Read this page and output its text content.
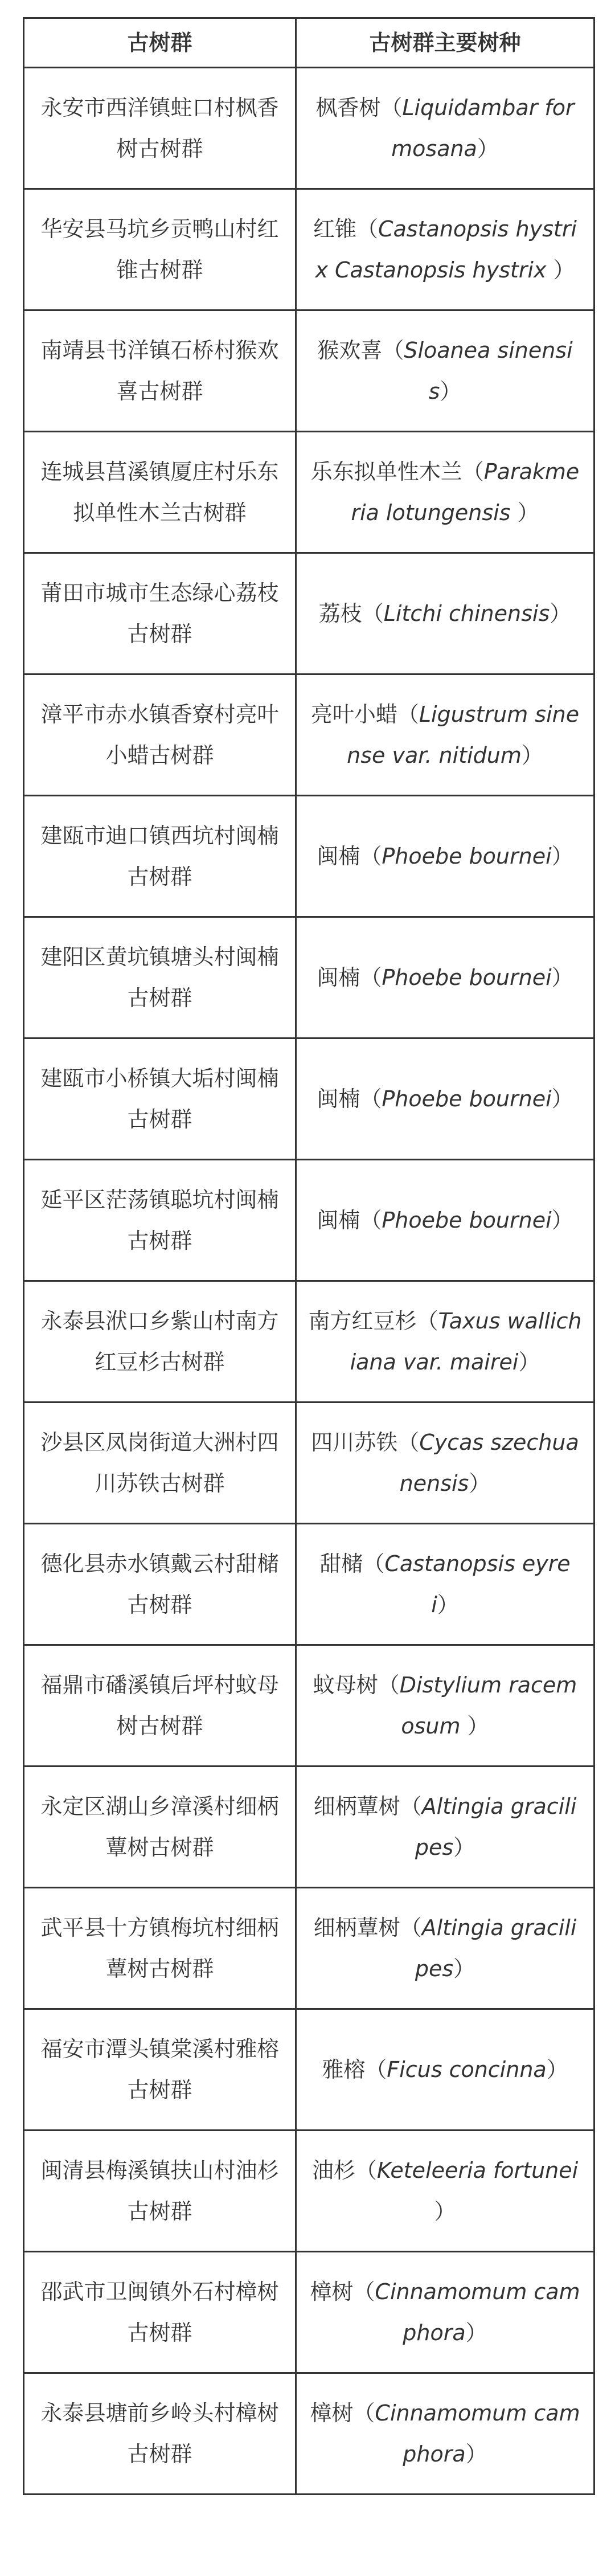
古树群	古树群主要树种
永安市西洋镇蛀口村枫香树古树群	枫香树（Liquidambar formosana）
华安县马坑乡贡鸭山村红锥古树群	红锥（Castanopsis hystrix Castanopsis hystrix ）
南靖县书洋镇石桥村猴欢喜古树群	猴欢喜（Sloanea sinensis）
连城县莒溪镇厦庄村乐东拟单性木兰古树群	乐东拟单性木兰（Parakmeria lotungensis ）
莆田市城市生态绿心荔枝古树群	荔枝（Litchi chinensis）
漳平市赤水镇香寮村亮叶小蜡古树群	亮叶小蜡（Ligustrum sinense var. nitidum）
建瓯市迪口镇西坑村闽楠古树群	闽楠（Phoebe bournei）
建阳区黄坑镇塘头村闽楠古树群	闽楠（Phoebe bournei）
建瓯市小桥镇大垢村闽楠古树群	闽楠（Phoebe bournei）
延平区茫荡镇聪坑村闽楠古树群	闽楠（Phoebe bournei）
永泰县洑口乡紫山村南方红豆杉古树群	南方红豆杉（Taxus wallichiana var. mairei）
沙县区凤岗街道大洲村四川苏铁古树群	四川苏铁（Cycas szechuanensis）
德化县赤水镇戴云村甜槠古树群	甜槠（Castanopsis eyrei）
福鼎市磻溪镇后坪村蚊母树古树群	蚊母树（Distylium racemosum ）
永定区湖山乡漳溪村细柄蕈树古树群	细柄蕈树（Altingia gracilipes）
武平县十方镇梅坑村细柄蕈树古树群	细柄蕈树（Altingia gracilipes）
福安市潭头镇棠溪村雅榕古树群	雅榕（Ficus concinna）
闽清县梅溪镇扶山村油杉古树群	油杉（Keteleeria fortunei ）
邵武市卫闽镇外石村樟树古树群	樟树（Cinnamomum camphora）
永泰县塘前乡岭头村樟树古树群	樟树（Cinnamomum camphora）
